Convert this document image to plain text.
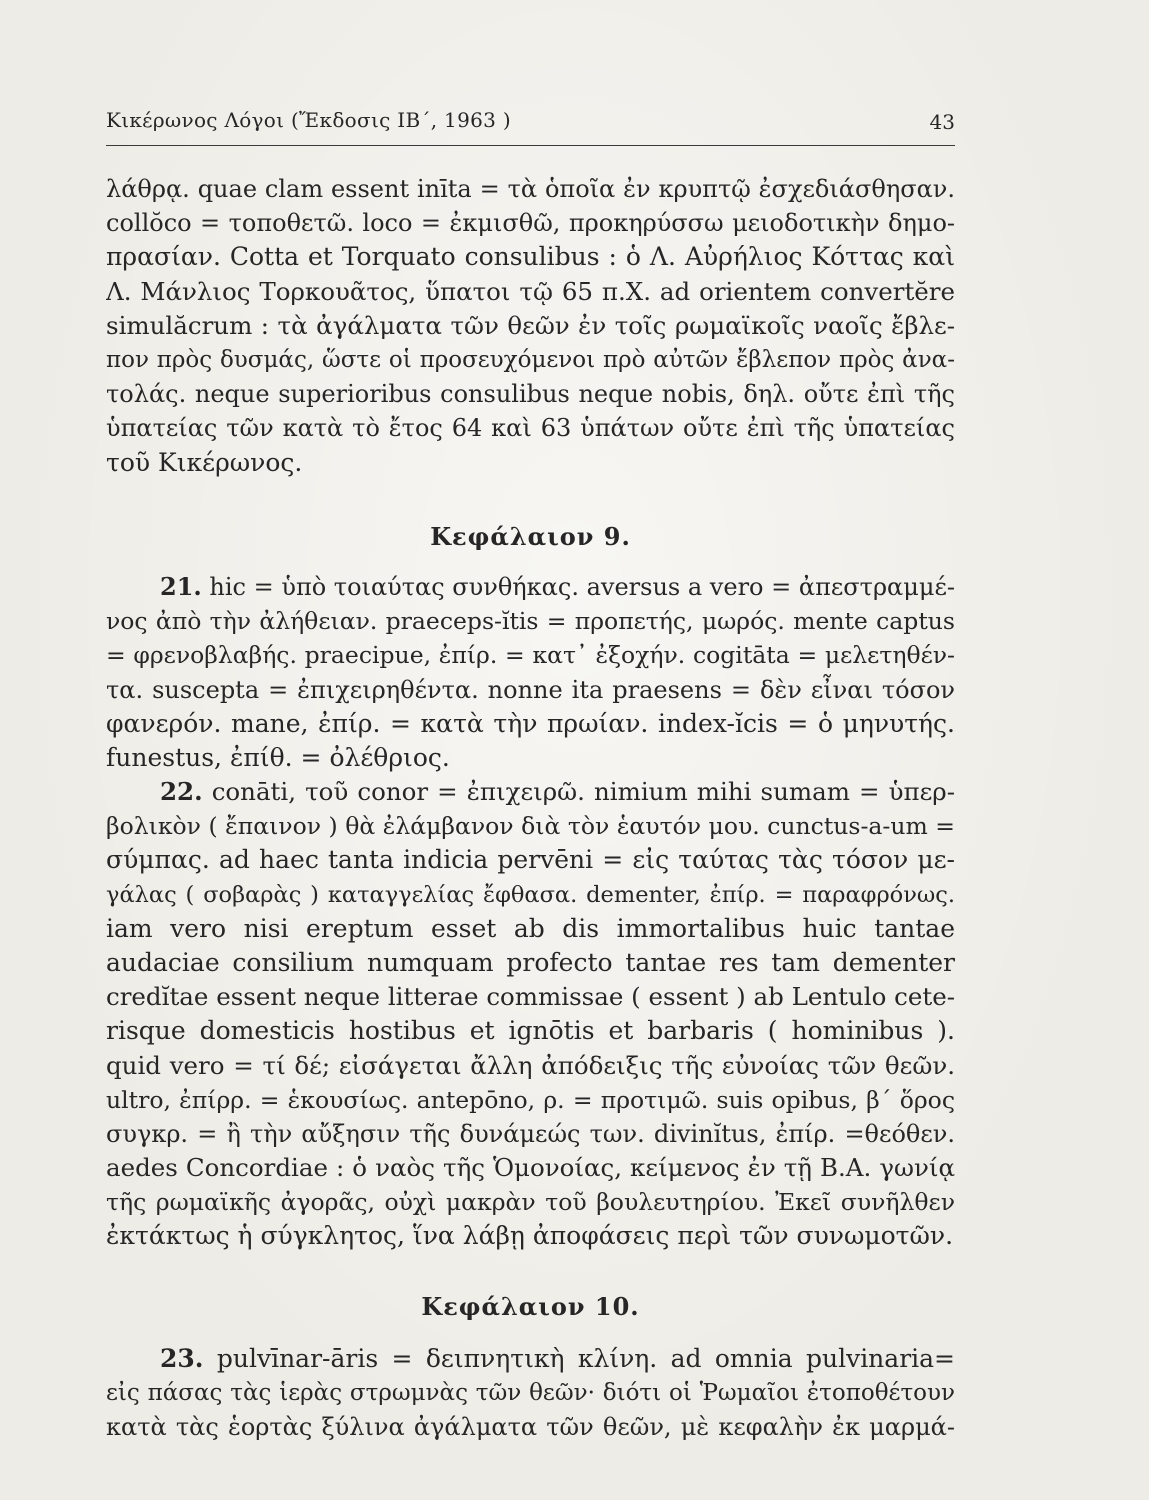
Κικέρωνος Λόγοι (Ἔκδοσις ΙΒ΄, 1963 )	43
λάθρᾳ. quae clam essent inīta = τὰ ὁποῖα ἐν κρυπτῷ ἐσχεδιάσθησαν.
collŏco = τοποθετῶ. loco = ἐκμισθῶ, προκηρύσσω μειοδοτικὴν δημο-
πρασίαν. Cotta et Torquato consulibus : ὁ Λ. Αὐρήλιος Κόττας καὶ
Λ. Μάνλιος Τορκουᾶτος, ὕπατοι τῷ 65 π.Χ. ad orientem convertĕre
simulăcrum : τὰ ἀγάλματα τῶν θεῶν ἐν τοῖς ρωμαϊκοῖς ναοῖς ἔβλε-
πον πρὸς δυσμάς, ὥστε οἱ προσευχόμενοι πρὸ αὐτῶν ἔβλεπον πρὸς ἀνα-
τολάς. neque superioribus consulibus neque nobis, δηλ. οὔτε ἐπὶ τῆς
ὑπατείας τῶν κατὰ τὸ ἔτος 64 καὶ 63 ὑπάτων οὔτε ἐπὶ τῆς ὑπατείας
τοῦ Κικέρωνος.
Κεφάλαιον 9.
21. hic = ὑπὸ τοιαύτας συνθήκας. aversus a vero = ἀπεστραμμέ-
νος ἀπὸ τὴν ἀλήθειαν. praeceps-ĭtis = προπετής, μωρός. mente captus
= φρενοβλαβής. praecipue, ἐπίρ. = κατ᾽ ἐξοχήν. cogitāta = μελετηθέν-
τα. suscepta = ἐπιχειρηθέντα. nonne ita praesens = δὲν εἶναι τόσον
φανερόν. mane, ἐπίρ. = κατὰ τὴν πρωίαν. index-ĭcis = ὁ μηνυτής.
funestus, ἐπίθ. = ὀλέθριος.
22. conāti, τοῦ conor = ἐπιχειρῶ. nimium mihi sumam = ὑπερ-
βολικὸν ( ἔπαινον ) θὰ ἐλάμβανον διὰ τὸν ἑαυτόν μου. cunctus-a-um =
σύμπας. ad haec tanta indicia pervēni = εἰς ταύτας τὰς τόσον με-
γάλας ( σοβαρὰς ) καταγγελίας ἔφθασα. dementer, ἐπίρ. = παραφρόνως.
iam vero nisi ereptum esset ab dis immortalibus huic tantae
audaciae consilium numquam profecto tantae res tam dementer
credĭtae essent neque litterae commissae ( essent ) ab Lentulo cete-
risque domesticis hostibus et ignōtis et barbaris ( hominibus ).
quid vero = τί δέ; εἰσάγεται ἄλλη ἀπόδειξις τῆς εὐνοίας τῶν θεῶν.
ultro, ἐπίρρ. = ἑκουσίως. antepōno, ρ. = προτιμῶ. suis opibus, β΄ ὅρος
συγκρ. = ἢ τὴν αὔξησιν τῆς δυνάμεώς των. divinĭtus, ἐπίρ. =θεόθεν.
aedes Concordiae : ὁ ναὸς τῆς Ὁμονοίας, κείμενος ἐν τῇ Β.Α. γωνίᾳ
τῆς ρωμαϊκῆς ἀγορᾶς, οὐχὶ μακρὰν τοῦ βουλευτηρίου. Ἐκεῖ συνῆλθεν
ἐκτάκτως ἡ σύγκλητος, ἵνα λάβῃ ἀποφάσεις περὶ τῶν συνωμοτῶν.
Κεφάλαιον 10.
23. pulvīnar-āris = δειπνητικὴ κλίνη. ad omnia pulvinaria=
εἰς πάσας τὰς ἱερὰς στρωμνὰς τῶν θεῶν· διότι οἱ Ῥωμαῖοι ἐτοποθέτουν
κατὰ τὰς ἑορτὰς ξύλινα ἀγάλματα τῶν θεῶν, μὲ κεφαλὴν ἐκ μαρμά-
